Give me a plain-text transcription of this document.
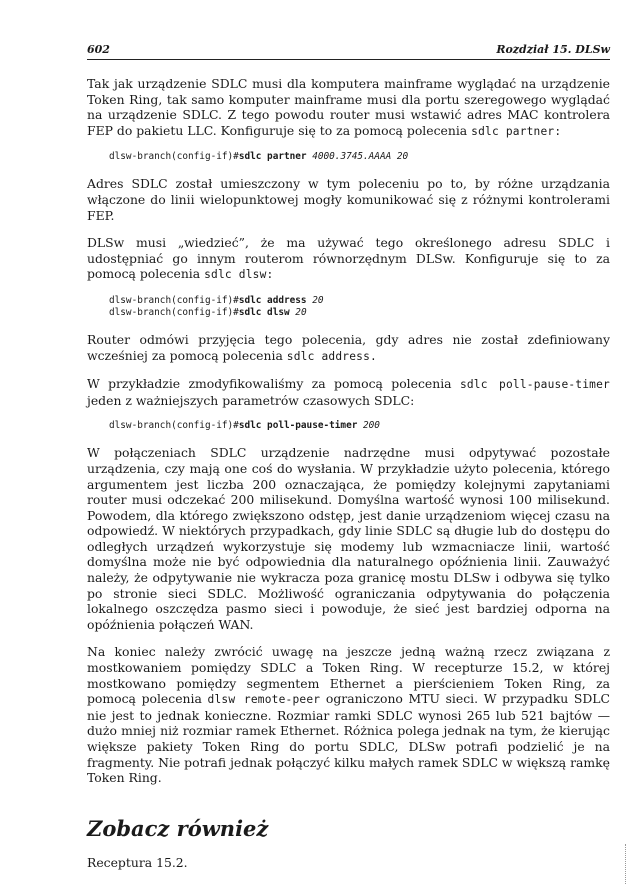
602	Rozdział 15. DLSw

Tak jak urządzenie SDLC musi dla komputera mainframe wyglądać na urządzenie Token Ring, tak samo komputer mainframe musi dla portu szeregowego wyglądać na urządzenie SDLC. Z tego powodu router musi wstawić adres MAC kontrolera FEP do pakietu LLC. Konfiguruje się to za pomocą polecenia sdlc partner:

dlsw-branch(config-if)#sdlc partner 4000.3745.AAAA 20

Adres SDLC został umieszczony w tym poleceniu po to, by różne urządzania włączone do linii wielopunktowej mogły komunikować się z różnymi kontrolerami FEP.

DLSw musi „wiedzieć”, że ma używać tego określonego adresu SDLC i udostępniać go innym routerom równorzędnym DLSw. Konfiguruje się to za pomocą polecenia sdlc dlsw:

dlsw-branch(config-if)#sdlc address 20
dlsw-branch(config-if)#sdlc dlsw 20

Router odmówi przyjęcia tego polecenia, gdy adres nie został zdefiniowany wcześniej za pomocą polecenia sdlc address.

W przykładzie zmodyfikowaliśmy za pomocą polecenia sdlc poll-pause-timer jeden z ważniejszych parametrów czasowych SDLC:

dlsw-branch(config-if)#sdlc poll-pause-timer 200

W połączeniach SDLC urządzenie nadrzędne musi odpytywać pozostałe urządzenia, czy mają one coś do wysłania. W przykładzie użyto polecenia, którego argumentem jest liczba 200 oznaczająca, że pomiędzy kolejnymi zapytaniami router musi odczekać 200 milisekund. Domyślna wartość wynosi 100 milisekund. Powodem, dla którego zwiększono odstęp, jest danie urządzeniom więcej czasu na odpowiedź. W niektórych przypadkach, gdy linie SDLC są długie lub do dostępu do odległych urządzeń wykorzystuje się modemy lub wzmacniacze linii, wartość domyślna może nie być odpowiednia dla naturalnego opóźnienia linii. Zauważyć należy, że odpytywanie nie wykracza poza granicę mostu DLSw i odbywa się tylko po stronie sieci SDLC. Możliwość ograniczania odpytywania do połączenia lokalnego oszczędza pasmo sieci i powoduje, że sieć jest bardziej odporna na opóźnienia połączeń WAN.

Na koniec należy zwrócić uwagę na jeszcze jedną ważną rzecz związana z mostkowaniem pomiędzy SDLC a Token Ring. W recepturze 15.2, w której mostkowano pomiędzy segmentem Ethernet a pierścieniem Token Ring, za pomocą polecenia dlsw remote-peer ograniczono MTU sieci. W przypadku SDLC nie jest to jednak konieczne. Rozmiar ramki SDLC wynosi 265 lub 521 bajtów — dużo mniej niż rozmiar ramek Ethernet. Różnica polega jednak na tym, że kierując większe pakiety Token Ring do portu SDLC, DLSw potrafi podzielić je na fragmenty. Nie potrafi jednak połączyć kilku małych ramek SDLC w większą ramkę Token Ring.

Zobacz również

Receptura 15.2.
